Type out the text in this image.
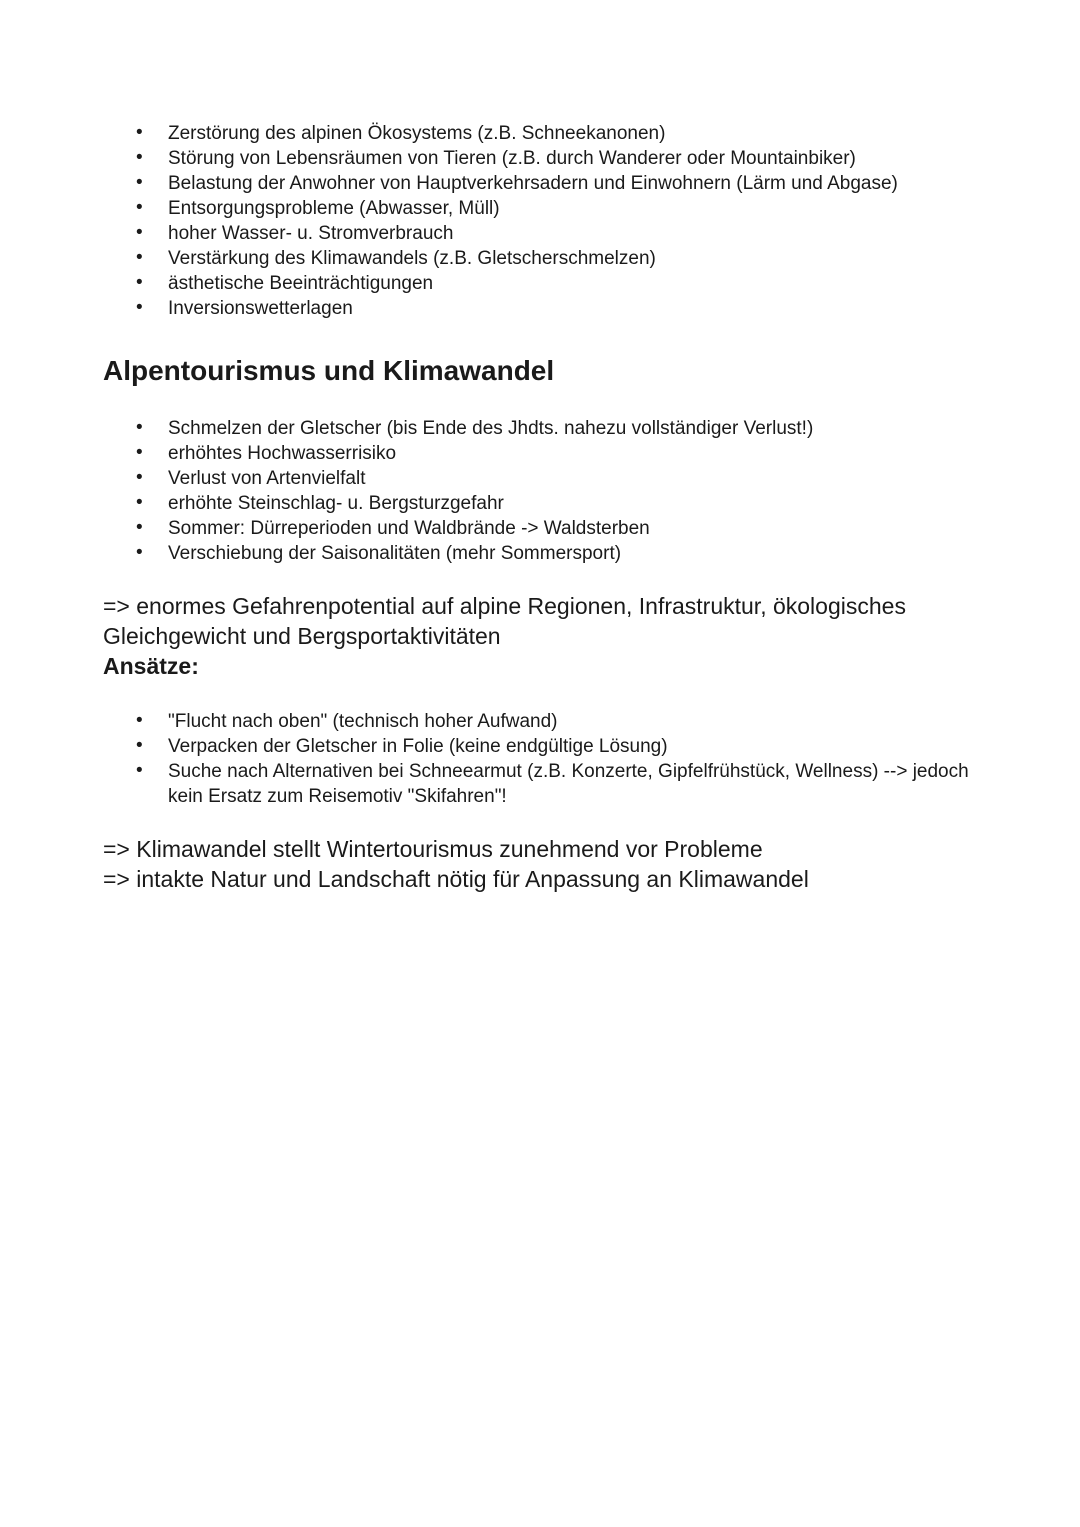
• Zerstörung des alpinen Ökosystems (z.B. Schneekanonen)
• Störung von Lebensräumen von Tieren (z.B. durch Wanderer oder Mountainbiker)
• Belastung der Anwohner von Hauptverkehrsadern und Einwohnern (Lärm und Abgase)
• Entsorgungsprobleme (Abwasser, Müll)
• hoher Wasser- u. Stromverbrauch
• Verstärkung des Klimawandels (z.B. Gletscherschmelzen)
• ästhetische Beeinträchtigungen
• Inversionswetterlagen
Alpentourismus und Klimawandel
• Schmelzen der Gletscher (bis Ende des Jhdts. nahezu vollständiger Verlust!)
• erhöhtes Hochwasserrisiko
• Verlust von Artenvielfalt
• erhöhte Steinschlag- u. Bergsturzgefahr
• Sommer: Dürreperioden und Waldbrände -> Waldsterben
• Verschiebung der Saisonalitäten (mehr Sommersport)

=> enormes Gefahrenpotential auf alpine Regionen, Infrastruktur, ökologisches Gleichgewicht und Bergsportaktivitäten

Ansätze:
• "Flucht nach oben" (technisch hoher Aufwand)
• Verpacken der Gletscher in Folie (keine endgültige Lösung)
• Suche nach Alternativen bei Schneearmut (z.B. Konzerte, Gipfelfrühstück, Wellness) --> jedoch kein Ersatz zum Reisemotiv "Skifahren"!

=> Klimawandel stellt Wintertourismus zunehmend vor Probleme

=> intakte Natur und Landschaft nötig für Anpassung an Klimawandel
